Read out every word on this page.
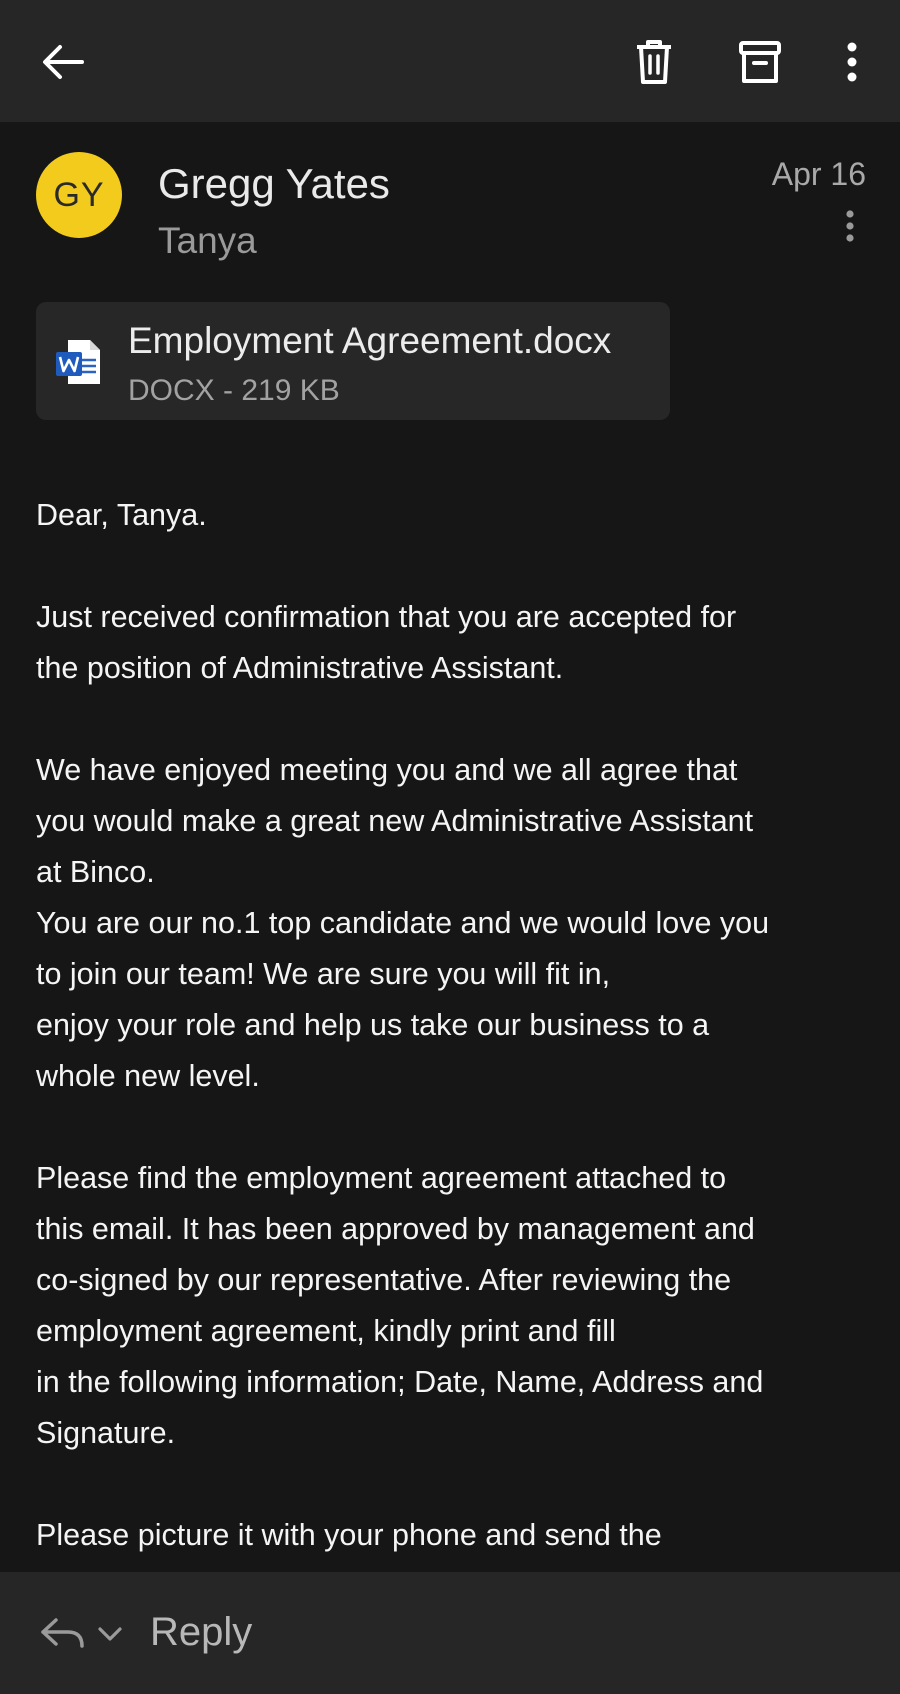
GY	Gregg Yates
Tanya
Apr 16
Employment Agreement.docx
DOCX - 219 KB
Dear, Tanya.
Just received confirmation that you are accepted for
the position of Administrative Assistant.
We have enjoyed meeting you and we all agree that
you would make a great new Administrative Assistant
at Binco.
You are our no.1 top candidate and we would love you
to join our team! We are sure you will fit in,
enjoy your role and help us take our business to a
whole new level.
Please find the employment agreement attached to
this email. It has been approved by management and
co-signed by our representative. After reviewing the
employment agreement, kindly print and fill
in the following information; Date, Name, Address and
Signature.
Please picture it with your phone and send the
Reply
